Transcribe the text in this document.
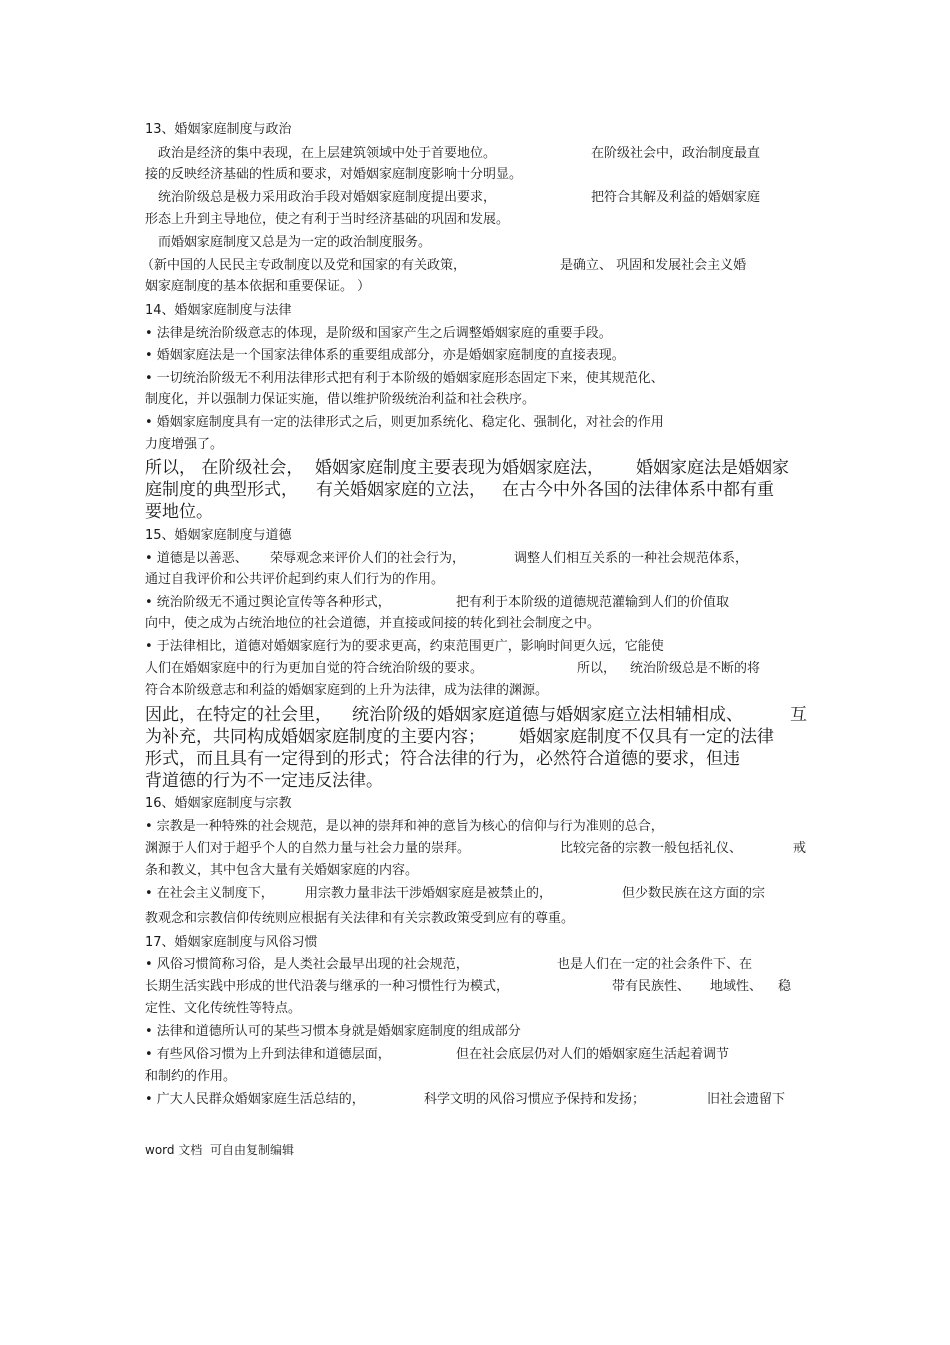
13、婚姻家庭制度与政治

政治是经济的集中表现，在上层建筑领域中处于首要地位。	在阶级社会中，政治制度最直

接的反映经济基础的性质和要求，对婚姻家庭制度影响十分明显。

统治阶级总是极力采用政治手段对婚姻家庭制度提出要求，	把符合其解及利益的婚姻家庭

形态上升到主导地位，使之有利于当时经济基础的巩固和发展。

而婚姻家庭制度又总是为一定的政治制度服务。

（新中国的人民民主专政制度以及党和国家的有关政策，	是确立、 巩固和发展社会主义婚

姻家庭制度的基本依据和重要保证。 ）

14、婚姻家庭制度与法律

• 法律是统治阶级意志的体现，是阶级和国家产生之后调整婚姻家庭的重要手段。

• 婚姻家庭法是一个国家法律体系的重要组成部分，亦是婚姻家庭制度的直接表现。

• 一切统治阶级无不利用法律形式把有利于本阶级的婚姻家庭形态固定下来，使其规范化、

制度化，并以强制力保证实施，借以维护阶级统治利益和社会秩序。

• 婚姻家庭制度具有一定的法律形式之后，则更加系统化、稳定化、强制化，对社会的作用

力度增强了。

所以， 在阶级社会， 婚姻家庭制度主要表现为婚姻家庭法， 婚姻家庭法是婚姻家

庭制度的典型形式， 有关婚姻家庭的立法， 在古今中外各国的法律体系中都有重

要地位。

15、婚姻家庭制度与道德

• 道德是以善恶、 荣辱观念来评价人们的社会行为，	调整人们相互关系的一种社会规范体系，

通过自我评价和公共评价起到约束人们行为的作用。

• 统治阶级无不通过舆论宣传等各种形式，	把有利于本阶级的道德规范灌输到人们的价值取

向中，使之成为占统治地位的社会道德，并直接或间接的转化到社会制度之中。

• 于法律相比，道德对婚姻家庭行为的要求更高，约束范围更广，影响时间更久远，它能使

人们在婚姻家庭中的行为更加自觉的符合统治阶级的要求。	所以， 统治阶级总是不断的将

符合本阶级意志和利益的婚姻家庭到的上升为法律，成为法律的渊源。

因此，在特定的社会里， 统治阶级的婚姻家庭道德与婚姻家庭立法相辅相成、	互

为补充，共同构成婚姻家庭制度的主要内容； 婚姻家庭制度不仅具有一定的法律

形式，而且具有一定得到的形式；符合法律的行为，必然符合道德的要求，但违

背道德的行为不一定违反法律。

16、婚姻家庭制度与宗教

• 宗教是一种特殊的社会规范，是以神的崇拜和神的意旨为核心的信仰与行为准则的总合，

渊源于人们对于超乎个人的自然力量与社会力量的崇拜。	比较完备的宗教一般包括礼仪、	戒

条和教义，其中包含大量有关婚姻家庭的内容。

• 在社会主义制度下， 用宗教力量非法干涉婚姻家庭是被禁止的，	但少数民族在这方面的宗

教观念和宗教信仰传统则应根据有关法律和有关宗教政策受到应有的尊重。

17、婚姻家庭制度与风俗习惯

• 风俗习惯简称习俗，是人类社会最早出现的社会规范，	也是人们在一定的社会条件下、在

长期生活实践中形成的世代沿袭与继承的一种习惯性行为模式，	带有民族性、 地域性、 稳

定性、文化传统性等特点。

• 法律和道德所认可的某些习惯本身就是婚姻家庭制度的组成部分

• 有些风俗习惯为上升到法律和道德层面，	但在社会底层仍对人们的婚姻家庭生活起着调节

和制约的作用。

• 广大人民群众婚姻家庭生活总结的，	科学文明的风俗习惯应予保持和发扬；	旧社会遗留下

word 文档  可自由复制编辑
